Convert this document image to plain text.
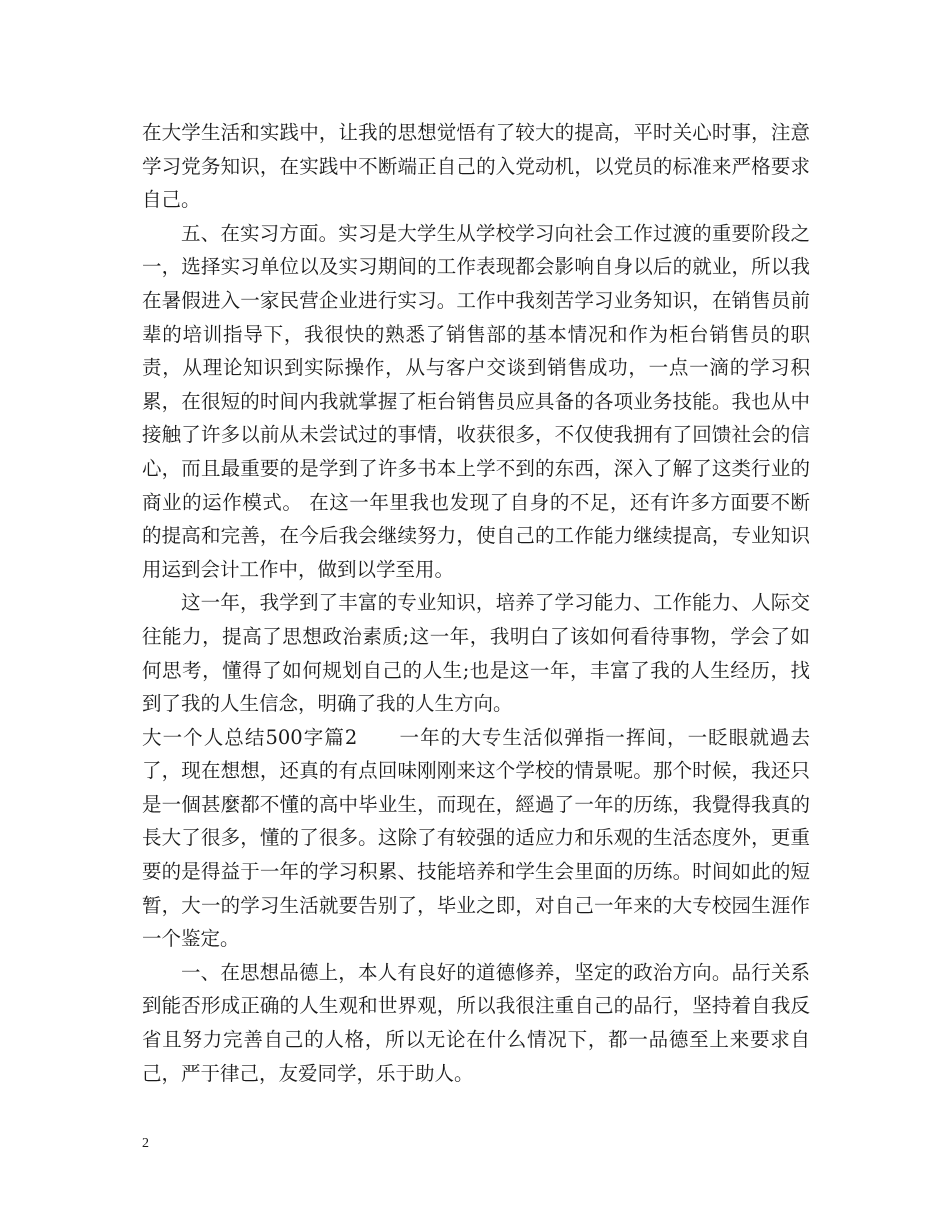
在大学生活和实践中，让我的思想觉悟有了较大的提高，平时关心时事，注意学习党务知识，在实践中不断端正自己的入党动机，以党员的标准来严格要求自己。

五、在实习方面。实习是大学生从学校学习向社会工作过渡的重要阶段之一，选择实习单位以及实习期间的工作表现都会影响自身以后的就业，所以我在暑假进入一家民营企业进行实习。工作中我刻苦学习业务知识，在销售员前辈的培训指导下，我很快的熟悉了销售部的基本情况和作为柜台销售员的职责，从理论知识到实际操作，从与客户交谈到销售成功，一点一滴的学习积累，在很短的时间内我就掌握了柜台销售员应具备的各项业务技能。我也从中接触了许多以前从未尝试过的事情，收获很多，不仅使我拥有了回馈社会的信心，而且最重要的是学到了许多书本上学不到的东西，深入了解了这类行业的商业的运作模式。 在这一年里我也发现了自身的不足，还有许多方面要不断的提高和完善，在今后我会继续努力，使自己的工作能力继续提高，专业知识用运到会计工作中，做到以学至用。

这一年，我学到了丰富的专业知识，培养了学习能力、工作能力、人际交往能力，提高了思想政治素质;这一年，我明白了该如何看待事物，学会了如何思考，懂得了如何规划自己的人生;也是这一年，丰富了我的人生经历，找到了我的人生信念，明确了我的人生方向。

大一个人总结500字篇2　　一年的大专生活似弹指一挥间，一眨眼就過去了，现在想想，还真的有点回味刚刚来这个学校的情景呢。那个时候，我还只是一個甚麼都不懂的高中毕业生，而现在，經過了一年的历练，我覺得我真的長大了很多，懂的了很多。这除了有较强的适应力和乐观的生活态度外，更重要的是得益于一年的学习积累、技能培养和学生会里面的历练。时间如此的短暂，大一的学习生活就要告别了，毕业之即，对自己一年来的大专校园生涯作一个鉴定。

一、在思想品德上，本人有良好的道德修养，坚定的政治方向。品行关系到能否形成正确的人生观和世界观，所以我很注重自己的品行，坚持着自我反省且努力完善自己的人格，所以无论在什么情况下，都一品德至上来要求自己，严于律己，友爱同学，乐于助人。

2
